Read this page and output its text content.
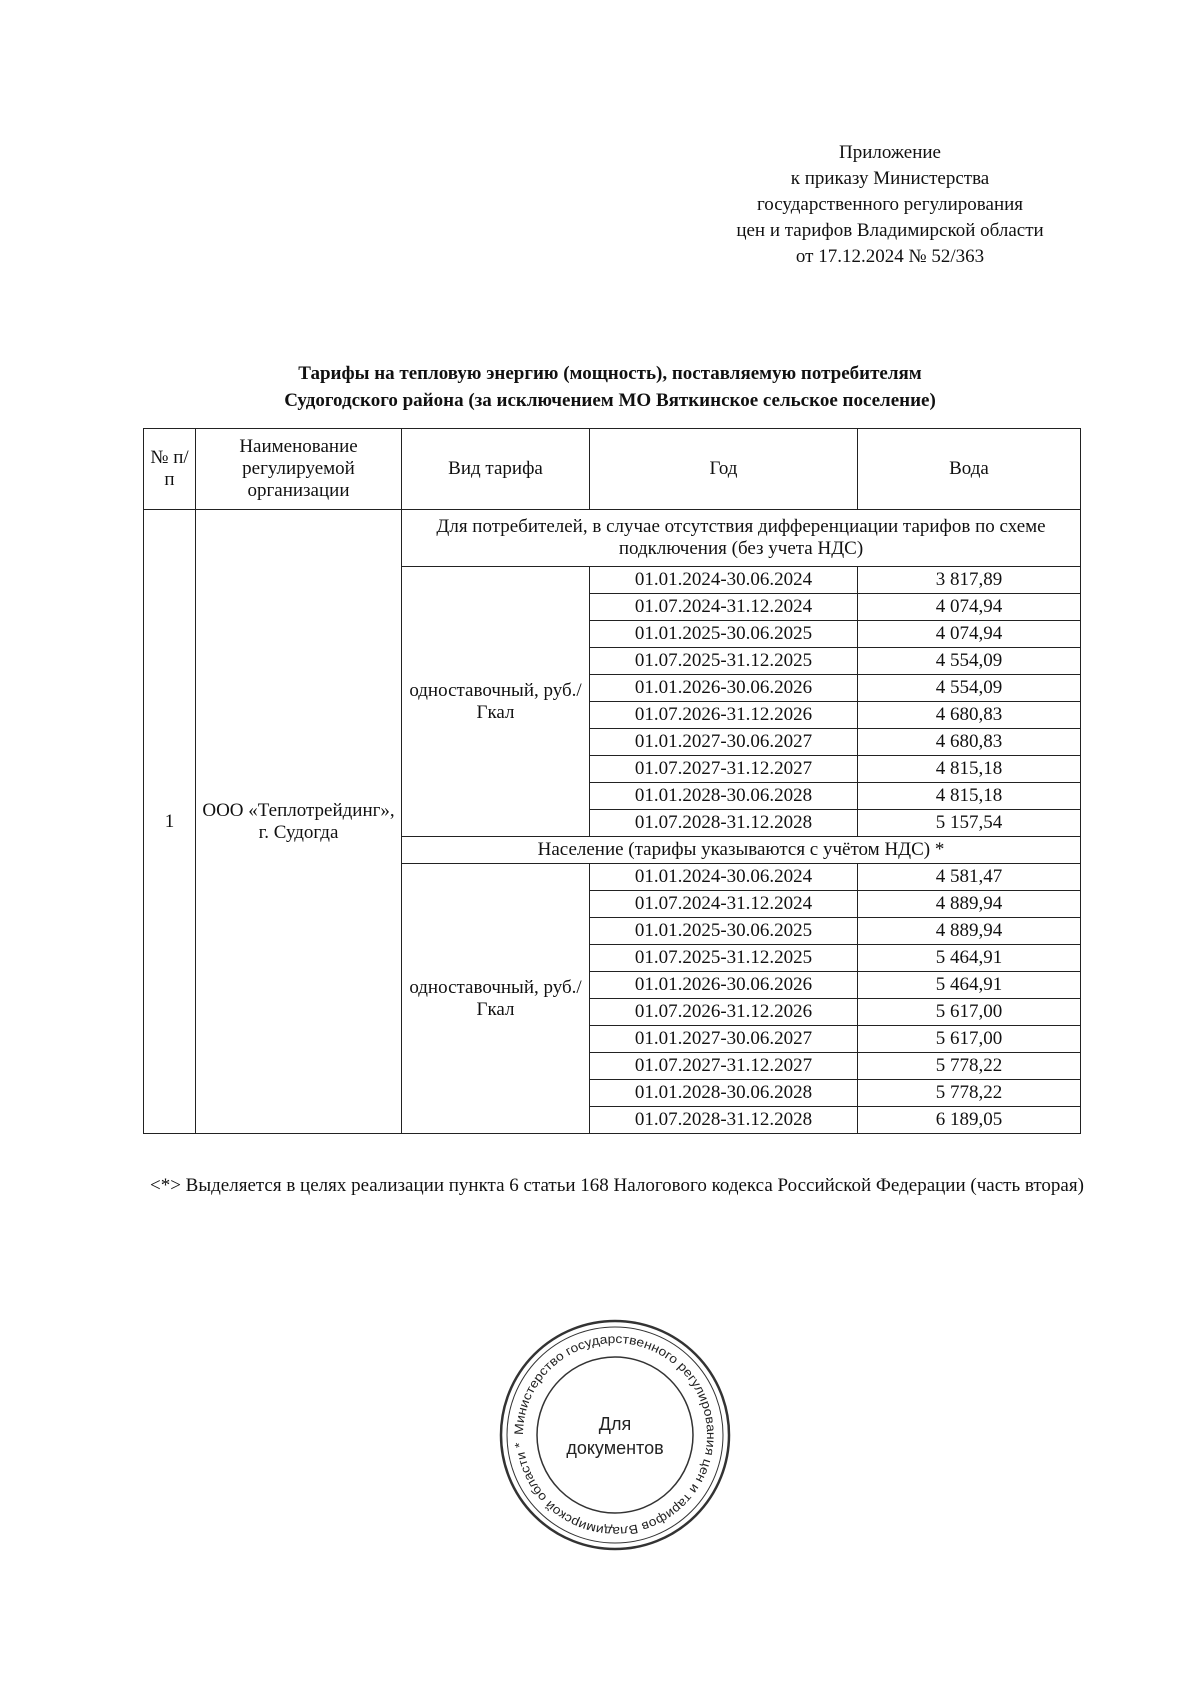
Приложение
к приказу Министерства
государственного регулирования
цен и тарифов Владимирской области
от 17.12.2024 № 52/363
Тарифы на тепловую энергию (мощность), поставляемую потребителям
Судогодского района (за исключением МО Вяткинское сельское поселение)
№ п/п	Наименование регулируемой организации	Вид тарифа	Год	Вода
1	ООО «Теплотрейдинг», г. Судогда	Для потребителей, в случае отсутствия дифференциации тарифов по схеме подключения (без учета НДС)		
		одноставочный, руб./Гкал	01.01.2024-30.06.2024	3 817,89
			01.07.2024-31.12.2024	4 074,94
			01.01.2025-30.06.2025	4 074,94
			01.07.2025-31.12.2025	4 554,09
			01.01.2026-30.06.2026	4 554,09
			01.07.2026-31.12.2026	4 680,83
			01.01.2027-30.06.2027	4 680,83
			01.07.2027-31.12.2027	4 815,18
			01.01.2028-30.06.2028	4 815,18
			01.07.2028-31.12.2028	5 157,54
		Население (тарифы указываются с учётом НДС) *		
		одноставочный, руб./Гкал	01.01.2024-30.06.2024	4 581,47
			01.07.2024-31.12.2024	4 889,94
			01.01.2025-30.06.2025	4 889,94
			01.07.2025-31.12.2025	5 464,91
			01.01.2026-30.06.2026	5 464,91
			01.07.2026-31.12.2026	5 617,00
			01.01.2027-30.06.2027	5 617,00
			01.07.2027-31.12.2027	5 778,22
			01.01.2028-30.06.2028	5 778,22
			01.07.2028-31.12.2028	6 189,05
<*> Выделяется в целях реализации пункта 6 статьи 168 Налогового кодекса Российской Федерации (часть вторая)
Министерство государственного регулирования цен и тарифов Владимирской области *
Для
документов
